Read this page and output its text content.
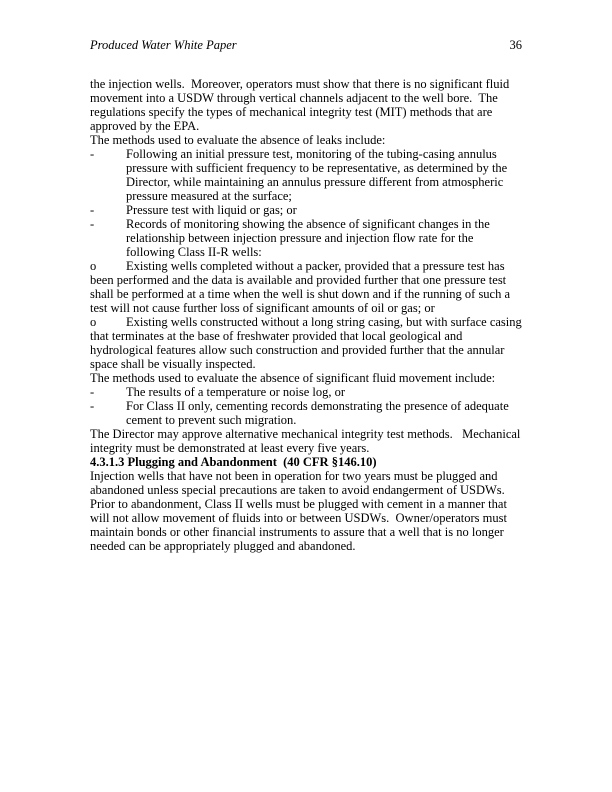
Produced Water White Paper	36

the injection wells.  Moreover, operators must show that there is no significant fluid movement into a USDW through vertical channels adjacent to the well bore.  The regulations specify the types of mechanical integrity test (MIT) methods that are approved by the EPA.

The methods used to evaluate the absence of leaks include:

-	Following an initial pressure test, monitoring of the tubing-casing annulus pressure with sufficient frequency to be representative, as determined by the Director, while maintaining an annulus pressure different from atmospheric pressure measured at the surface;

-	Pressure test with liquid or gas; or

-	Records of monitoring showing the absence of significant changes in the relationship between injection pressure and injection flow rate for the following Class II-R wells:

o Existing wells completed without a packer, provided that a pressure test has been performed and the data is available and provided further that one pressure test shall be performed at a time when the well is shut down and if the running of such a test will not cause further loss of significant amounts of oil or gas; or

o Existing wells constructed without a long string casing, but with surface casing that terminates at the base of freshwater provided that local geological and hydrological features allow such construction and provided further that the annular space shall be visually inspected.

The methods used to evaluate the absence of significant fluid movement include:

-	The results of a temperature or noise log, or

-	For Class II only, cementing records demonstrating the presence of adequate cement to prevent such migration.

The Director may approve alternative mechanical integrity test methods.   Mechanical integrity must be demonstrated at least every five years.

4.3.1.3 Plugging and Abandonment  (40 CFR §146.10)

Injection wells that have not been in operation for two years must be plugged and abandoned unless special precautions are taken to avoid endangerment of USDWs.  Prior to abandonment, Class II wells must be plugged with cement in a manner that will not allow movement of fluids into or between USDWs.  Owner/operators must maintain bonds or other financial instruments to assure that a well that is no longer needed can be appropriately plugged and abandoned.
